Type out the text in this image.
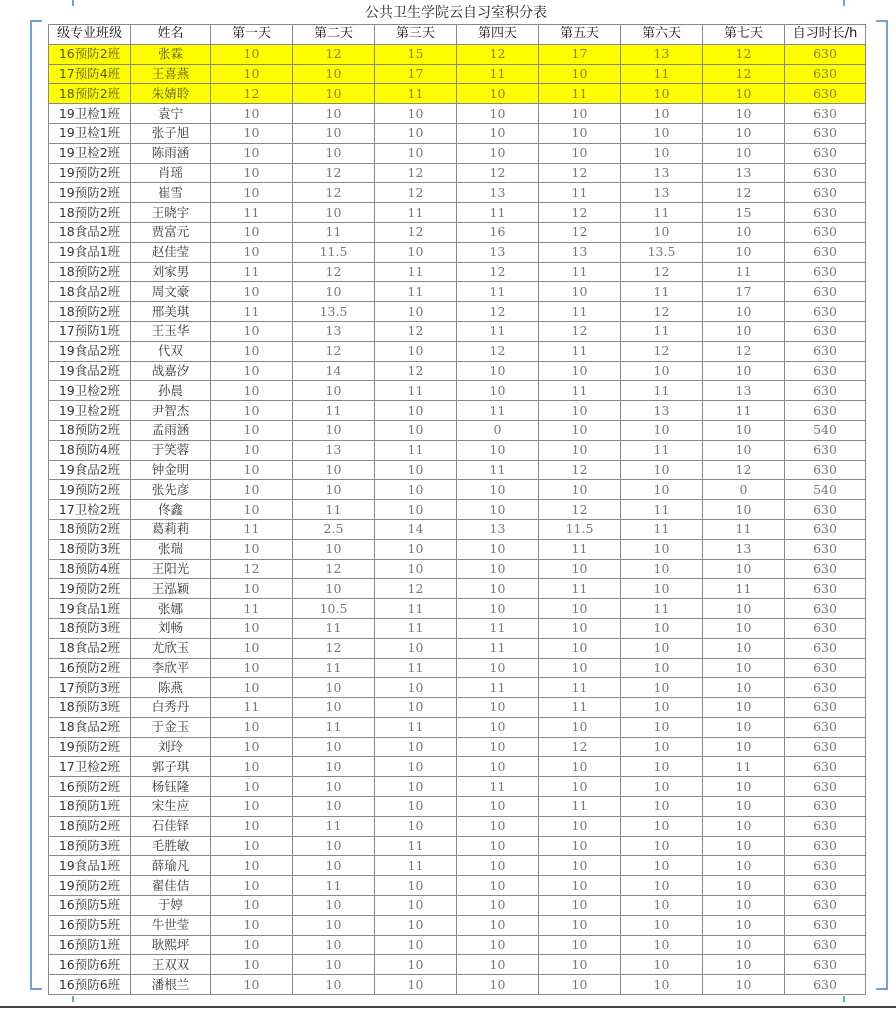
公共卫生学院云自习室积分表
级专业班级	姓名	第一天	第二天	第三天	第四天	第五天	第六天	第七天	自习时长/h
16预防2班	张霖	10	12	15	12	17	13	12	630
17预防4班	王喜燕	10	10	17	11	10	11	12	630
18预防2班	朱婧聆	12	10	11	10	11	10	10	630
19卫检1班	袁宁	10	10	10	10	10	10	10	630
19卫检1班	张子旭	10	10	10	10	10	10	10	630
19卫检2班	陈雨涵	10	10	10	10	10	10	10	630
19预防2班	肖瑶	10	12	12	12	12	13	13	630
19预防2班	崔雪	10	12	12	13	11	13	12	630
18预防2班	王晓宇	11	10	11	11	12	11	15	630
18食品2班	贾富元	10	11	12	16	12	10	10	630
19食品1班	赵佳莹	10	11.5	10	13	13	13.5	10	630
18预防2班	刘家男	11	12	11	12	11	12	11	630
18食品2班	周文豪	10	10	11	11	10	11	17	630
18预防2班	邢美琪	11	13.5	10	12	11	12	10	630
17预防1班	王玉华	10	13	12	11	12	11	10	630
19食品2班	代双	10	12	10	12	11	12	12	630
19食品2班	战嘉汐	10	14	12	10	10	10	10	630
19卫检2班	孙晨	10	10	11	10	11	11	13	630
19卫检2班	尹智杰	10	11	10	11	10	13	11	630
18预防2班	孟雨涵	10	10	10	0	10	10	10	540
18预防4班	于笑蓉	10	13	11	10	10	11	10	630
19食品2班	钟金明	10	10	10	11	12	10	12	630
19预防2班	张先彦	10	10	10	10	10	10	0	540
17卫检2班	佟鑫	10	11	10	10	12	11	10	630
18预防2班	葛莉莉	11	2.5	14	13	11.5	11	11	630
18预防3班	张瑞	10	10	10	10	11	10	13	630
18预防4班	王阳光	12	12	10	10	10	10	10	630
19预防2班	王泓颖	10	10	12	10	11	10	11	630
19食品1班	张娜	11	10.5	11	10	10	11	10	630
18预防3班	刘畅	10	11	11	11	10	10	10	630
18食品2班	尤欣玉	10	12	10	11	10	10	10	630
16预防2班	李欣平	10	11	11	10	10	10	10	630
17预防3班	陈燕	10	10	10	11	11	10	10	630
18预防3班	白秀丹	11	10	10	10	11	10	10	630
18食品2班	于金玉	10	11	11	10	10	10	10	630
19预防2班	刘玲	10	10	10	10	12	10	10	630
17卫检2班	郭子琪	10	10	10	10	10	10	11	630
16预防2班	杨钰隆	10	10	10	11	10	10	10	630
18预防1班	宋生应	10	10	10	10	11	10	10	630
18预防2班	石佳铎	10	11	10	10	10	10	10	630
18预防3班	毛胜敏	10	10	11	10	10	10	10	630
19食品1班	薛瑜凡	10	10	11	10	10	10	10	630
19预防2班	翟佳佶	10	11	10	10	10	10	10	630
16预防5班	于婷	10	10	10	10	10	10	10	630
16预防5班	牛世莹	10	10	10	10	10	10	10	630
16预防1班	耿熙坪	10	10	10	10	10	10	10	630
16预防6班	王双双	10	10	10	10	10	10	10	630
16预防6班	潘根兰	10	10	10	10	10	10	10	630
